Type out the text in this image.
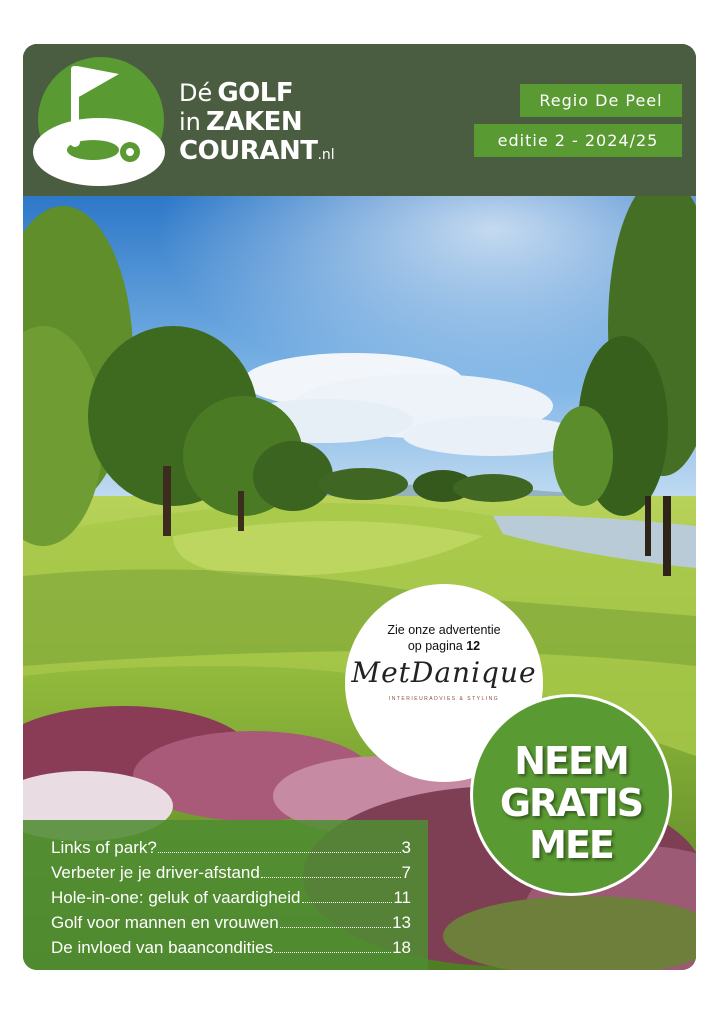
Dé GOLF
in ZAKEN
COURANT.nl
Regio De Peel
editie 2 - 2024/25
Zie onze advertentie
op pagina 12
MetDanique
INTERIEURADVIES & STYLING
NEEM
GRATIS
MEE
Links of park?	3
Verbeter je je driver-afstand	7
Hole-in-one: geluk of vaardigheid	11
Golf voor mannen en vrouwen	13
De invloed van baancondities	18
